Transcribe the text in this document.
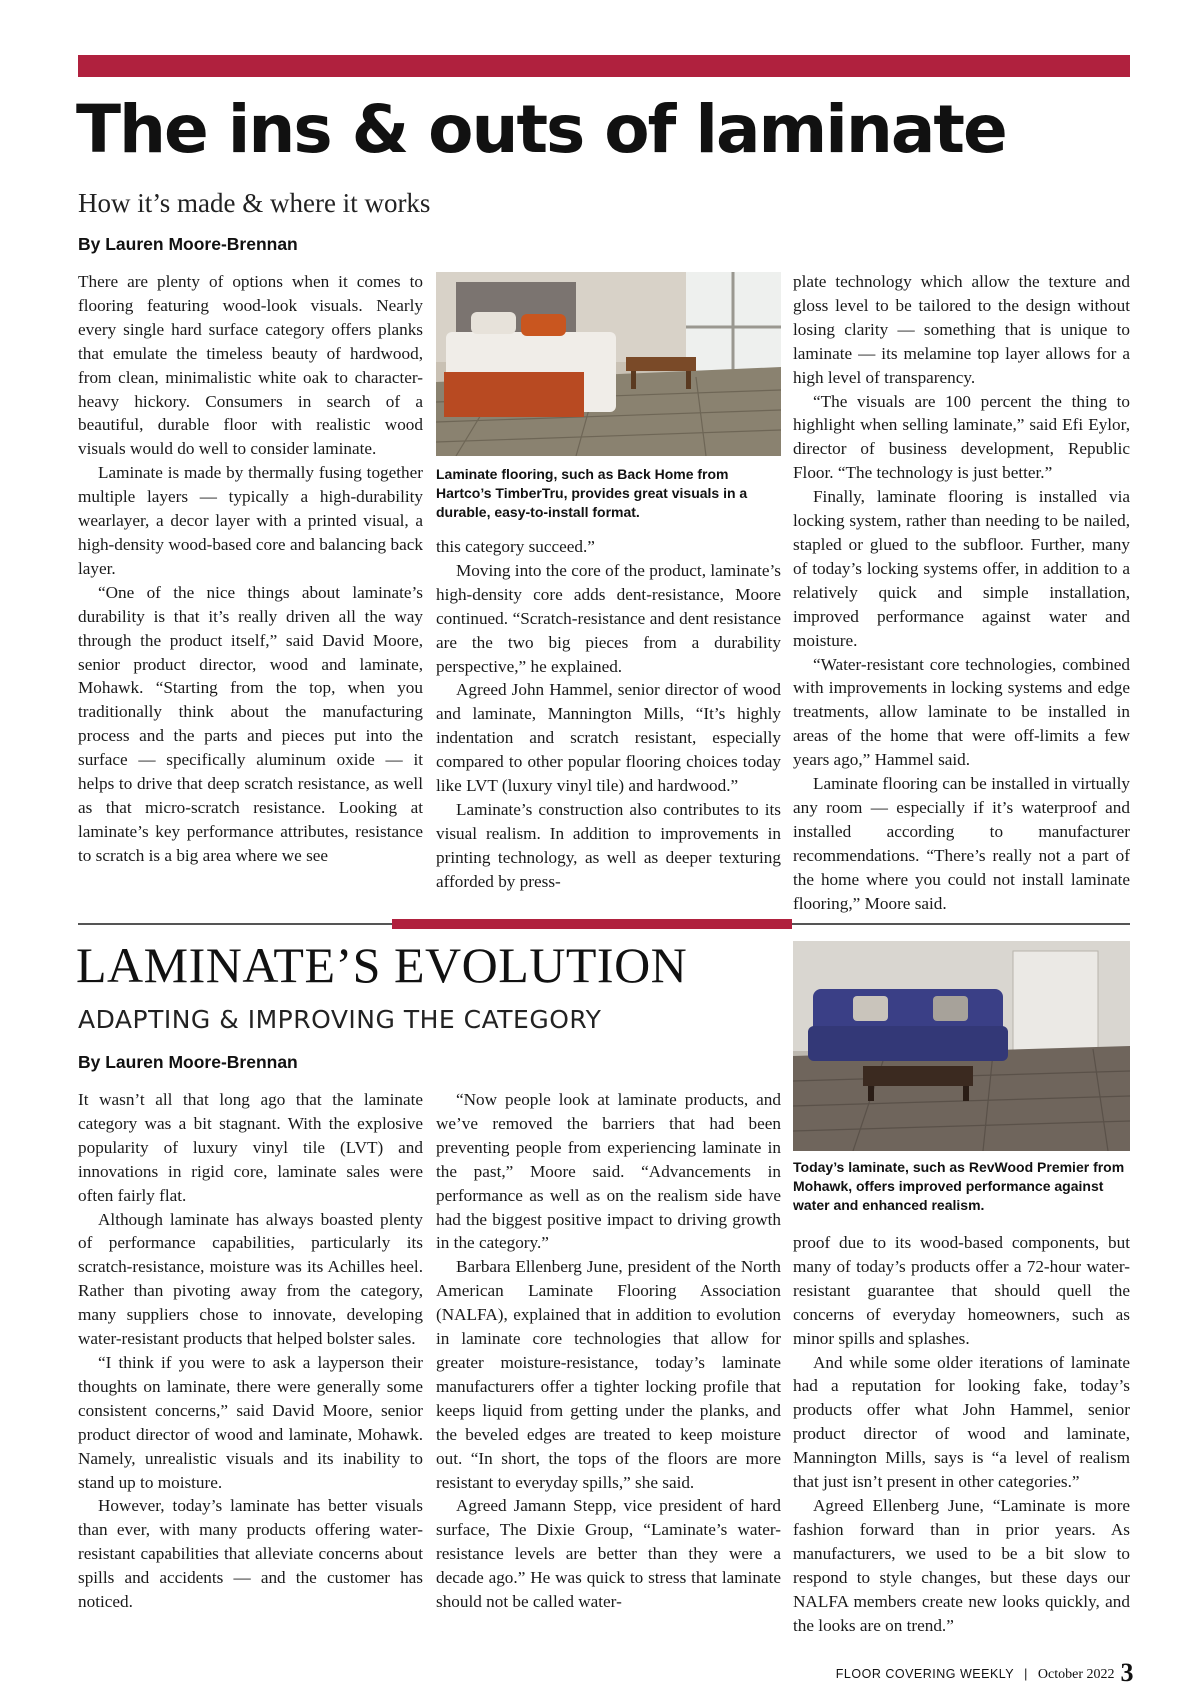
The ins & outs of laminate
How it’s made & where it works
By Lauren Moore-Brennan

There are plenty of options when it comes to flooring featuring wood-look visuals. Nearly every single hard surface category offers planks that emulate the timeless beauty of hardwood, from clean, minimalistic white oak to character-heavy hickory. Consumers in search of a beautiful, durable floor with realistic wood visuals would do well to consider laminate.

Laminate is made by thermally fusing together multiple layers — typically a high-durability wearlayer, a decor layer with a printed visual, a high-density wood-based core and balancing back layer.

“One of the nice things about laminate’s durability is that it’s really driven all the way through the product itself,” said David Moore, senior product director, wood and laminate, Mohawk. “Starting from the top, when you traditionally think about the manufacturing process and the parts and pieces put into the surface — specifically aluminum oxide — it helps to drive that deep scratch resistance, as well as that micro-scratch resistance. Looking at laminate’s key performance attributes, resistance to scratch is a big area where we see

Laminate flooring, such as Back Home from Hartco’s TimberTru, provides great visuals in a durable, easy-to-install format.

this category succeed.”

Moving into the core of the product, laminate’s high-density core adds dent-resistance, Moore continued. “Scratch-resistance and dent resistance are the two big pieces from a durability perspective,” he explained.

Agreed John Hammel, senior director of wood and laminate, Mannington Mills, “It’s highly indentation and scratch resistant, especially compared to other popular flooring choices today like LVT (luxury vinyl tile) and hardwood.”

Laminate’s construction also contributes to its visual realism. In addition to improvements in printing technology, as well as deeper texturing afforded by press-

plate technology which allow the texture and gloss level to be tailored to the design without losing clarity — something that is unique to laminate — its melamine top layer allows for a high level of transparency.

“The visuals are 100 percent the thing to highlight when selling laminate,” said Efi Eylor, director of business development, Republic Floor. “The technology is just better.”

Finally, laminate flooring is installed via locking system, rather than needing to be nailed, stapled or glued to the subfloor. Further, many of today’s locking systems offer, in addition to a relatively quick and simple installation, improved performance against water and moisture.

“Water-resistant core technologies, combined with improvements in locking systems and edge treatments, allow laminate to be installed in areas of the home that were off-limits a few years ago,” Hammel said.

Laminate flooring can be installed in virtually any room — especially if it’s waterproof and installed according to manufacturer recommendations. “There’s really not a part of the home where you could not install laminate flooring,” Moore said.

LAMINATE’S EVOLUTION
ADAPTING & IMPROVING THE CATEGORY
By Lauren Moore-Brennan
Today’s laminate, such as RevWood Premier from Mohawk, offers improved performance against water and enhanced realism.

It wasn’t all that long ago that the laminate category was a bit stagnant. With the explosive popularity of luxury vinyl tile (LVT) and innovations in rigid core, laminate sales were often fairly flat.

Although laminate has always boasted plenty of performance capabilities, particularly its scratch-resistance, moisture was its Achilles heel. Rather than pivoting away from the category, many suppliers chose to innovate, developing water-resistant products that helped bolster sales.

“I think if you were to ask a layperson their thoughts on laminate, there were generally some consistent concerns,” said David Moore, senior product director of wood and laminate, Mohawk. Namely, unrealistic visuals and its inability to stand up to moisture.

However, today’s laminate has better visuals than ever, with many products offering water-resistant capabilities that alleviate concerns about spills and accidents — and the customer has noticed.

“Now people look at laminate products, and we’ve removed the barriers that had been preventing people from experiencing laminate in the past,” Moore said. “Advancements in performance as well as on the realism side have had the biggest positive impact to driving growth in the category.”

Barbara Ellenberg June, president of the North American Laminate Flooring Association (NALFA), explained that in addition to evolution in laminate core technologies that allow for greater moisture-resistance, today’s laminate manufacturers offer a tighter locking profile that keeps liquid from getting under the planks, and the beveled edges are treated to keep moisture out. “In short, the tops of the floors are more resistant to everyday spills,” she said.

Agreed Jamann Stepp, vice president of hard surface, The Dixie Group, “Laminate’s water-resistance levels are better than they were a decade ago.” He was quick to stress that laminate should not be called water-

proof due to its wood-based components, but many of today’s products offer a 72-hour water-resistant guarantee that should quell the concerns of everyday homeowners, such as minor spills and splashes.

And while some older iterations of laminate had a reputation for looking fake, today’s products offer what John Hammel, senior product director of wood and laminate, Mannington Mills, says is “a level of realism that just isn’t present in other categories.”

Agreed Ellenberg June, “Laminate is more fashion forward than in prior years. As manufacturers, we used to be a bit slow to respond to style changes, but these days our NALFA members create new looks quickly, and the looks are on trend.”

FLOOR COVERING WEEKLY | October 2022 3
